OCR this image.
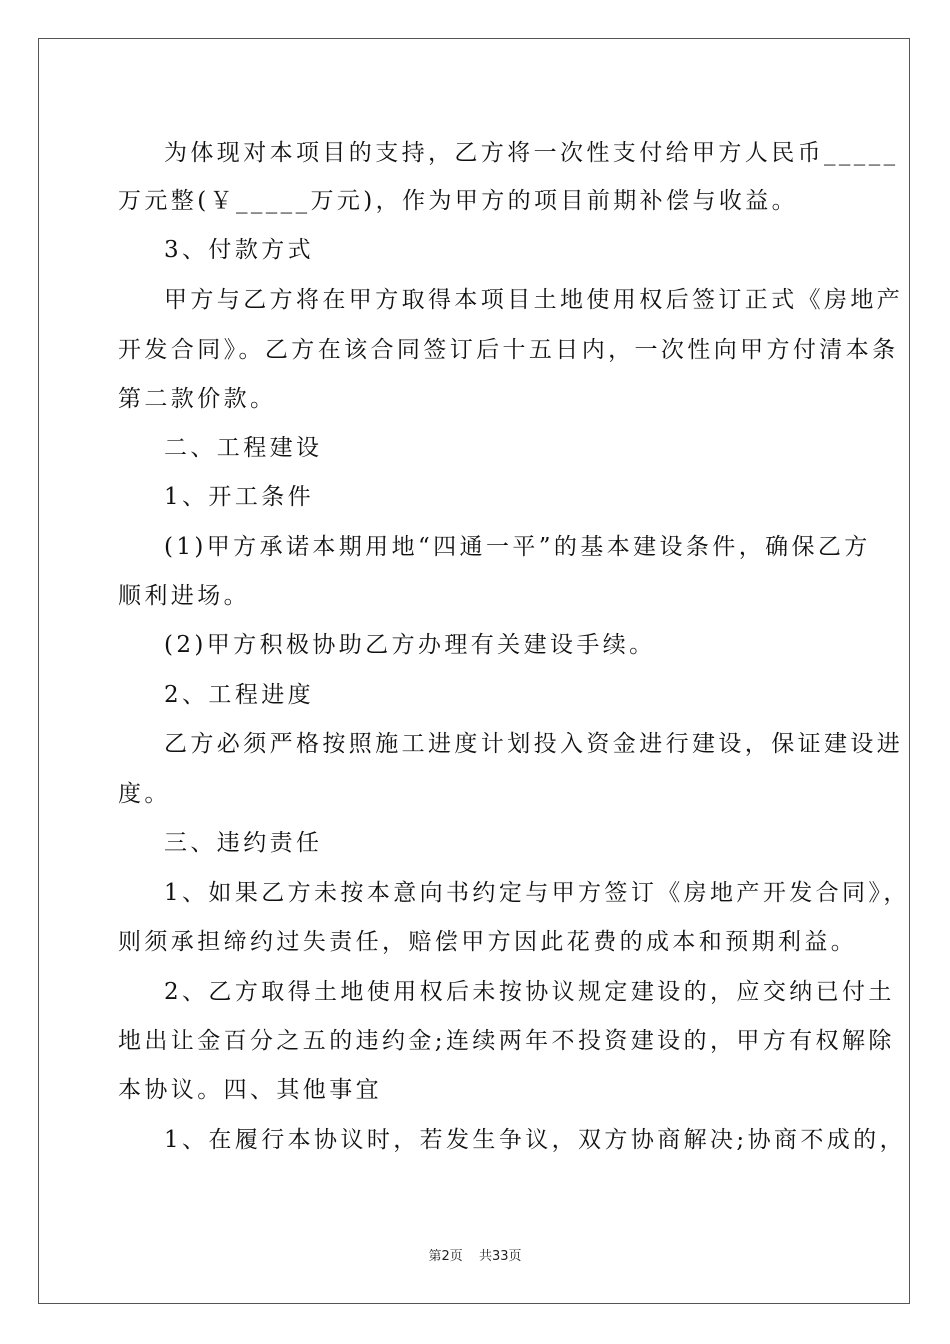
为体现对本项目的支持，乙方将一次性支付给甲方人民币_____
万元整(￥_____万元)，作为甲方的项目前期补偿与收益。
3、付款方式
甲方与乙方将在甲方取得本项目土地使用权后签订正式《房地产
开发合同》。乙方在该合同签订后十五日内，一次性向甲方付清本条
第二款价款。
二、工程建设
1、开工条件
(1)甲方承诺本期用地“四通一平”的基本建设条件，确保乙方
顺利进场。
(2)甲方积极协助乙方办理有关建设手续。
2、工程进度
乙方必须严格按照施工进度计划投入资金进行建设，保证建设进
度。
三、违约责任
1、如果乙方未按本意向书约定与甲方签订《房地产开发合同》，
则须承担缔约过失责任，赔偿甲方因此花费的成本和预期利益。
2、乙方取得土地使用权后未按协议规定建设的，应交纳已付土
地出让金百分之五的违约金;连续两年不投资建设的，甲方有权解除
本协议。四、其他事宜
1、在履行本协议时，若发生争议，双方协商解决;协商不成的，
第2页 共33页
